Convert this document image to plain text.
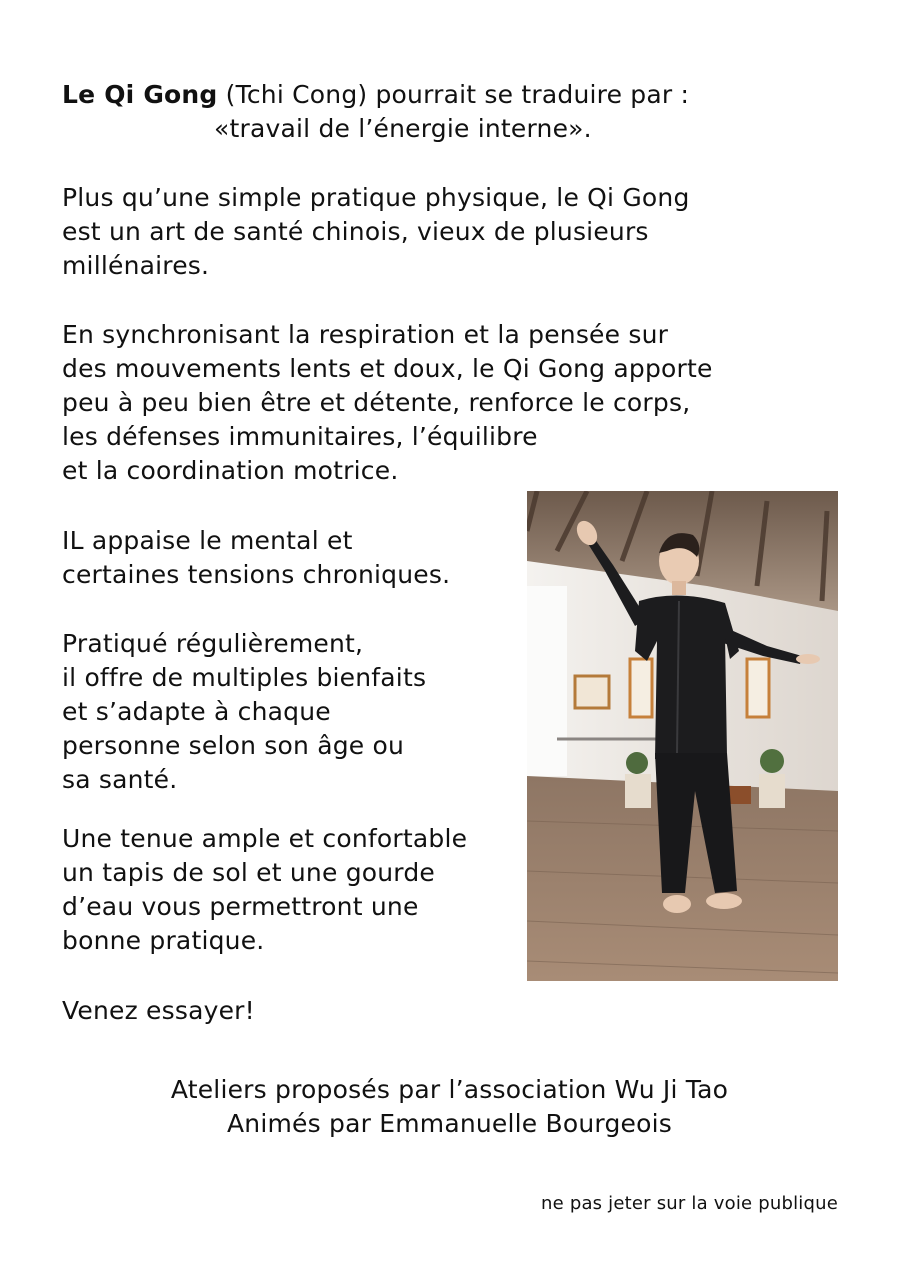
Le Qi Gong (Tchi Cong) pourrait se traduire par :

«travail de l’énergie interne».

Plus qu’une simple pratique physique, le Qi Gong

est un art de santé chinois, vieux de plusieurs

millénaires.

En synchronisant la respiration et la pensée sur

des mouvements lents et doux, le Qi Gong apporte

peu à peu bien être et détente, renforce le corps,

les défenses immunitaires, l’équilibre

et la coordination motrice.

IL appaise le mental et

certaines tensions chroniques.

Pratiqué régulièrement,

il offre de multiples bienfaits

et s’adapte à chaque

personne selon son âge ou

sa santé.

Une tenue ample et confortable

un tapis de sol et une gourde

d’eau vous permettront une

bonne pratique.

Venez essayer!

Ateliers proposés par l’association Wu Ji Tao

Animés par Emmanuelle Bourgeois

ne pas jeter sur la voie publique
